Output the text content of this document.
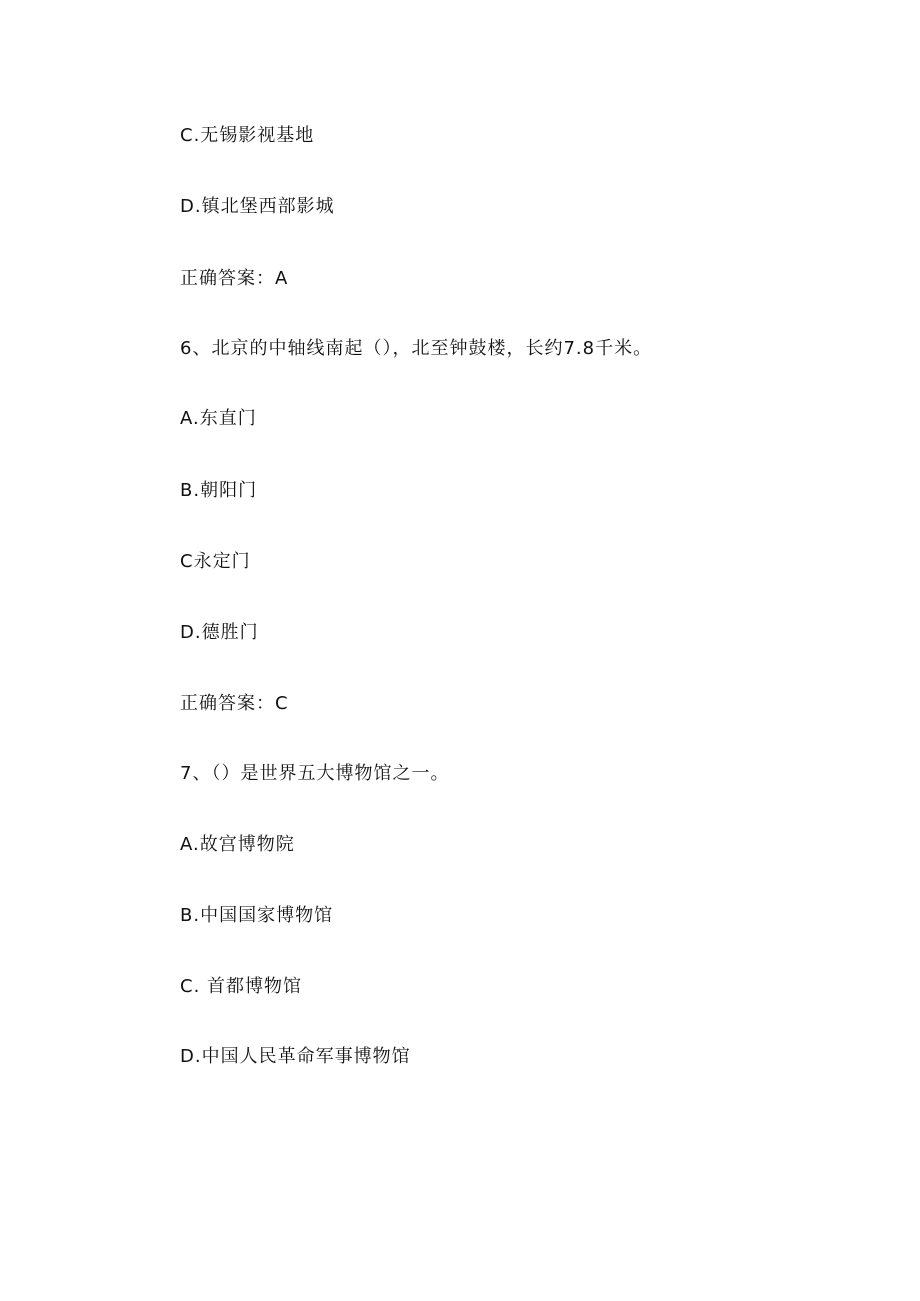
C.无锡影视基地
D.镇北堡西部影城
正确答案：A
6、北京的中轴线南起（），北至钟鼓楼，长约7.8千米。
A.东直门
B.朝阳门
C永定门
D.德胜门
正确答案：C
7、（）是世界五大博物馆之一。
A.故宫博物院
B.中国国家博物馆
C. 首都博物馆
D.中国人民革命军事博物馆
